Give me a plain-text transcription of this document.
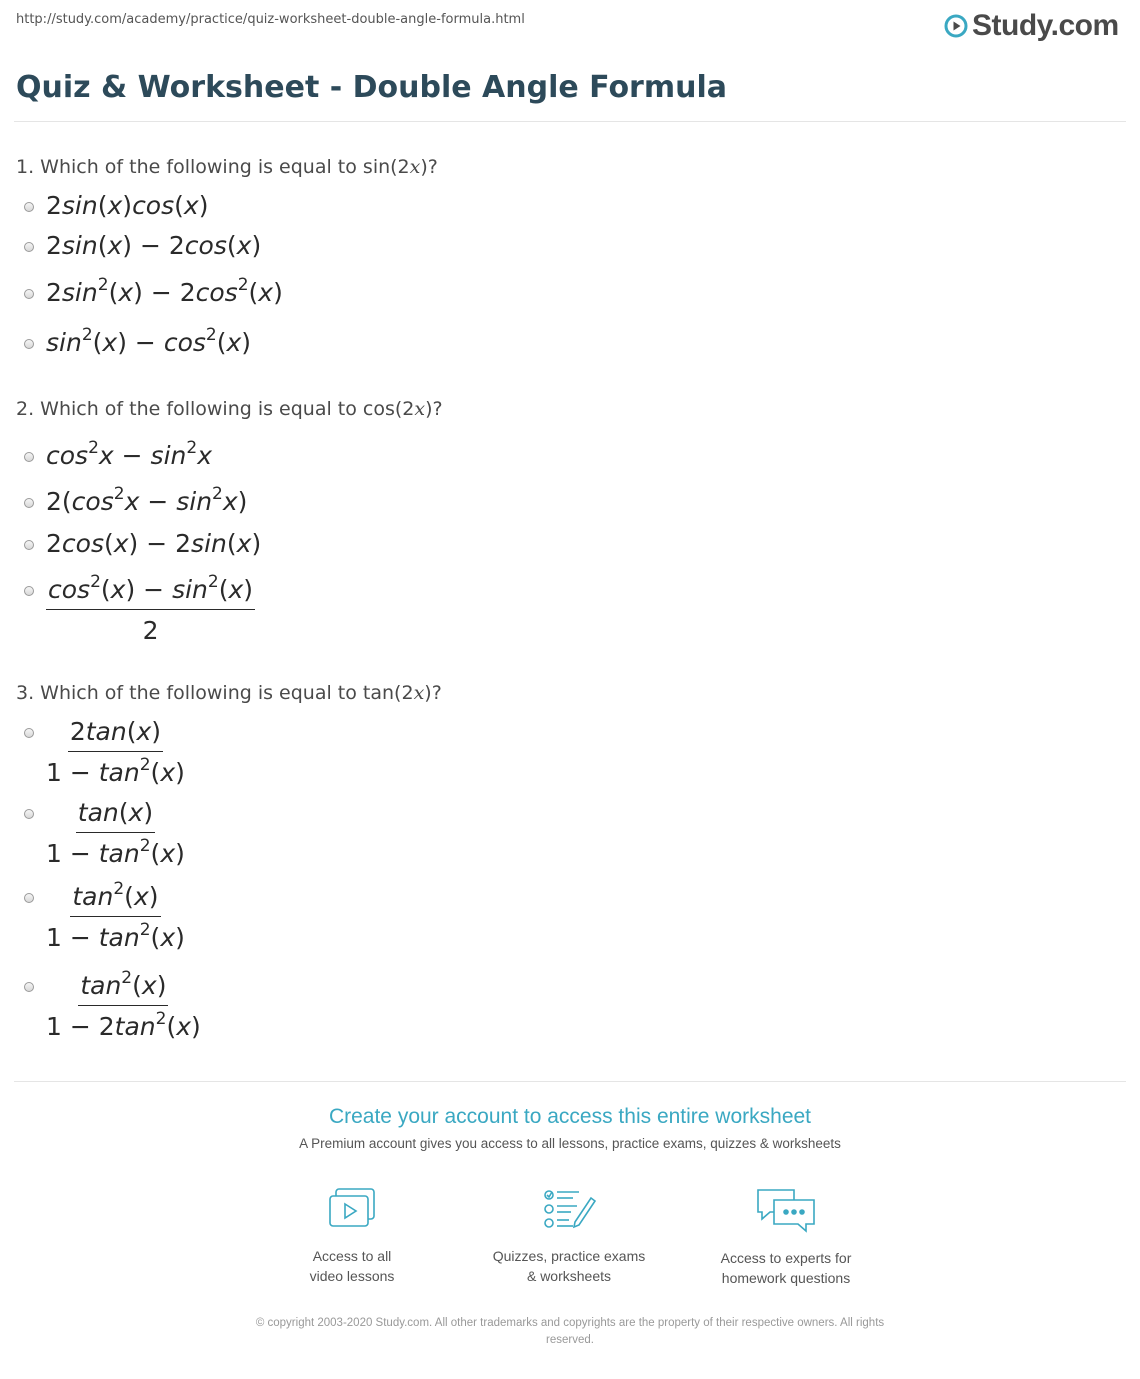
http://study.com/academy/practice/quiz-worksheet-double-angle-formula.html	Study.com
Quiz & Worksheet - Double Angle Formula
1. Which of the following is equal to sin(2x)?
2sin(x)cos(x)
2sin(x) − 2cos(x)
$2\sin^2(x) - 2\cos^2(x)$
$\sin^2(x) - \cos^2(x)$
2. Which of the following is equal to cos(2x)?
$\cos^2x - \sin^2x$
$2(\cos^2x - \sin^2x)$
2cos(x) − 2sin(x)
$\frac{\cos^2(x) - \sin^2(x)}{2}$
3. Which of the following is equal to tan(2x)?
$\frac{2\tan(x)}{1 - \tan^2(x)}$
$\frac{\tan(x)}{1 - \tan^2(x)}$
$\frac{\tan^2(x)}{1 - \tan^2(x)}$
$\frac{\tan^2(x)}{1 - 2\tan^2(x)}$
Create your account to access this entire worksheet
A Premium account gives you access to all lessons, practice exams, quizzes & worksheets
Access to all
video lessons
Quizzes, practice exams
& worksheets
Access to experts for
homework questions
© copyright 2003-2020 Study.com. All other trademarks and copyrights are the property of their respective owners. All rights
reserved.
